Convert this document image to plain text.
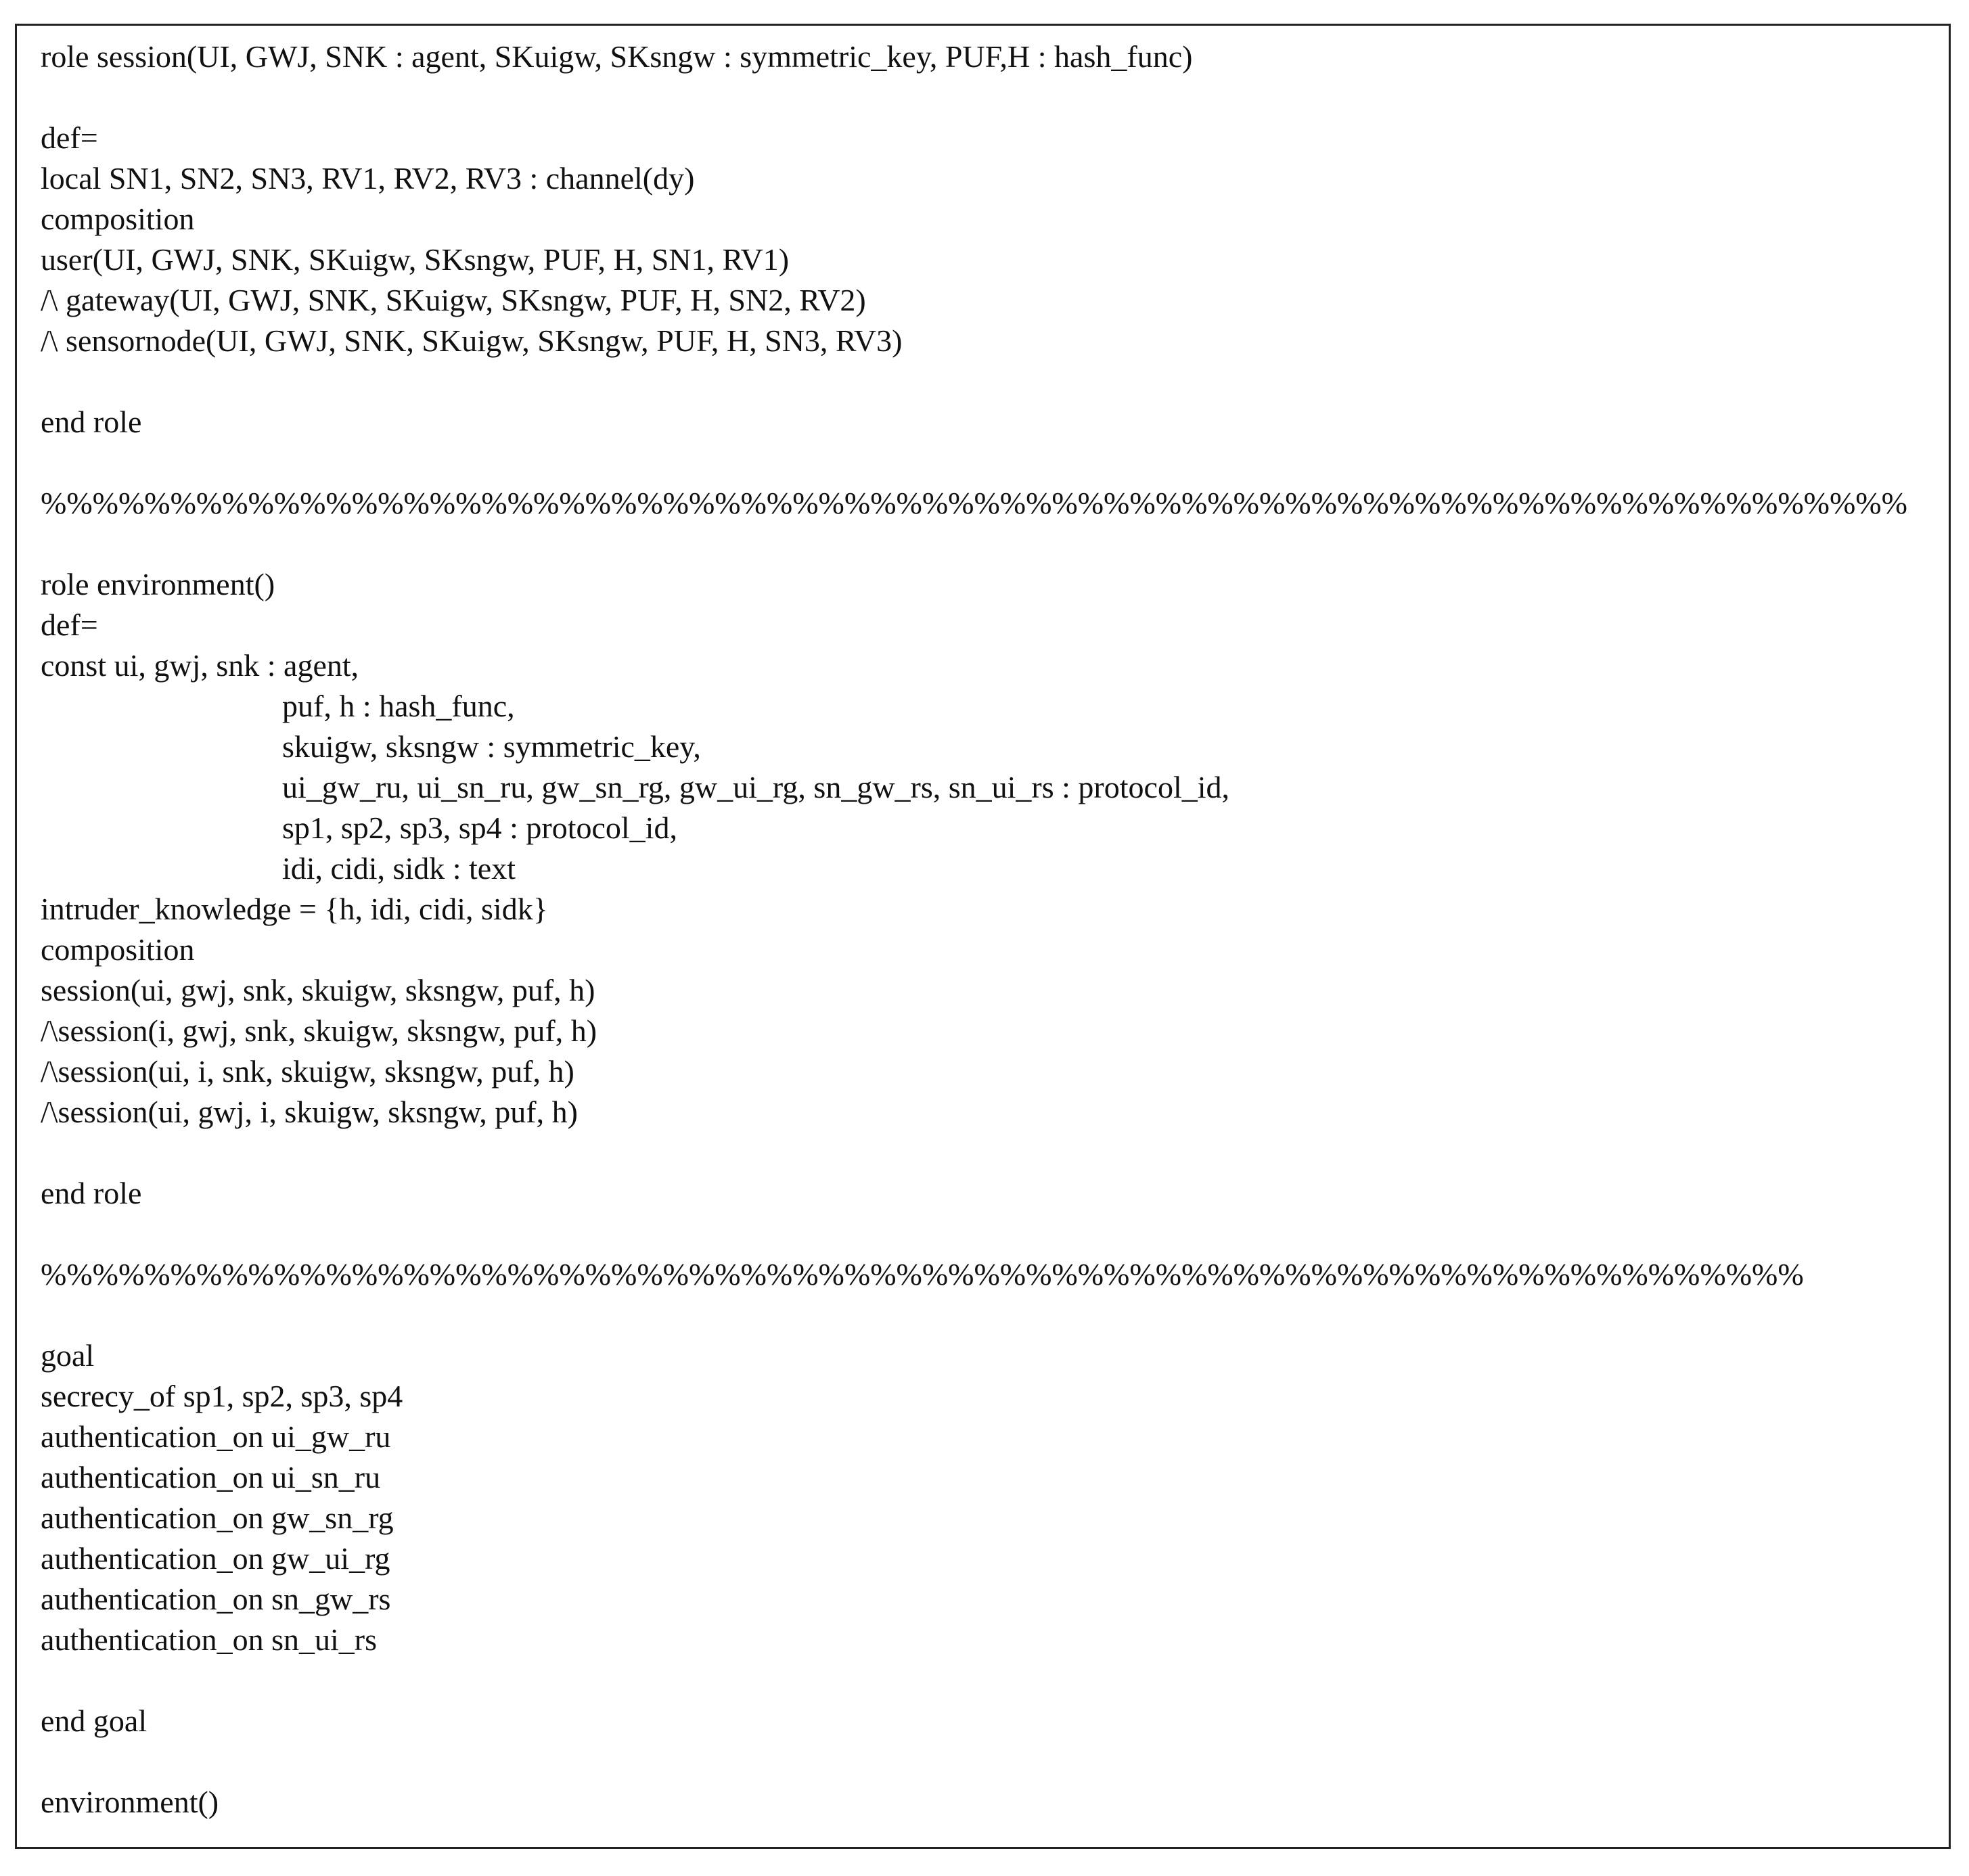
role session(UI, GWJ, SNK : agent, SKuigw, SKsngw : symmetric_key, PUF,H : hash_func)
def=
local SN1, SN2, SN3, RV1, RV2, RV3 : channel(dy)
composition
user(UI, GWJ, SNK, SKuigw, SKsngw, PUF, H, SN1, RV1)
/\ gateway(UI, GWJ, SNK, SKuigw, SKsngw, PUF, H, SN2, RV2)
/\ sensornode(UI, GWJ, SNK, SKuigw, SKsngw, PUF, H, SN3, RV3)
end role
%%%%%%%%%%%%%%%%%%%%%%%%%%%%%%%%%%%%%%%%%%%%%%%%%%%%%%%%%%%%%%%%%%%%%%%%
role environment()
def=
const ui, gwj, snk : agent,
puf, h : hash_func,
skuigw, sksngw : symmetric_key,
ui_gw_ru, ui_sn_ru, gw_sn_rg, gw_ui_rg, sn_gw_rs, sn_ui_rs : protocol_id,
sp1, sp2, sp3, sp4 : protocol_id,
idi, cidi, sidk : text
intruder_knowledge = {h, idi, cidi, sidk}
composition
session(ui, gwj, snk, skuigw, sksngw, puf, h)
/\session(i, gwj, snk, skuigw, sksngw, puf, h)
/\session(ui, i, snk, skuigw, sksngw, puf, h)
/\session(ui, gwj, i, skuigw, sksngw, puf, h)
end role
%%%%%%%%%%%%%%%%%%%%%%%%%%%%%%%%%%%%%%%%%%%%%%%%%%%%%%%%%%%%%%%%%%%%
goal
secrecy_of sp1, sp2, sp3, sp4
authentication_on ui_gw_ru
authentication_on ui_sn_ru
authentication_on gw_sn_rg
authentication_on gw_ui_rg
authentication_on sn_gw_rs
authentication_on sn_ui_rs
end goal
environment()
